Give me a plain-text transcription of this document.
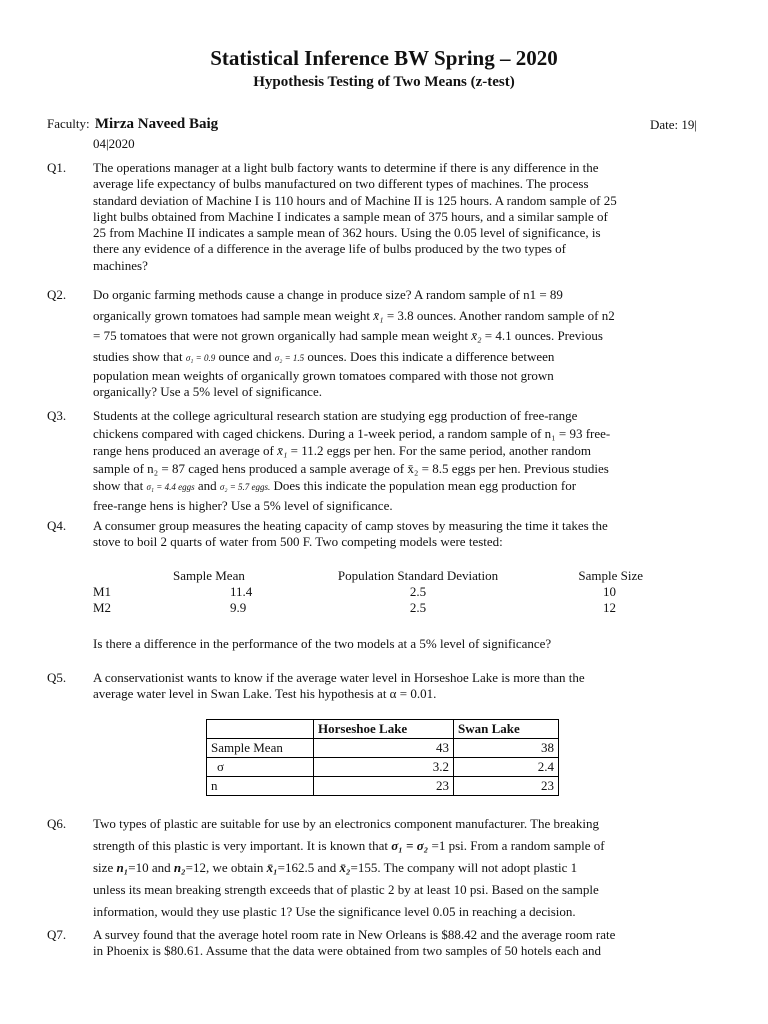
Statistical Inference BW Spring – 2020
Hypothesis Testing of Two Means (z-test)
Faculty: Mirza Naveed Baig	Date: 19|
04|2020
Q1. The operations manager at a light bulb factory wants to determine if there is any difference in the
average life expectancy of bulbs manufactured on two different types of machines. The process
standard deviation of Machine I is 110 hours and of Machine II is 125 hours. A random sample of 25
light bulbs obtained from Machine I indicates a sample mean of 375 hours, and a similar sample of
25 from Machine II indicates a sample mean of 362 hours. Using the 0.05 level of significance, is
there any evidence of a difference in the average life of bulbs produced by the two types of
machines?
Q2. Do organic farming methods cause a change in produce size? A random sample of n1 = 89
organically grown tomatoes had sample mean weight x̄₁ = 3.8 ounces. Another random sample of n2
= 75 tomatoes that were not grown organically had sample mean weight x̄₂ = 4.1 ounces. Previous
studies show that σ₁ = 0.9 ounce and σ₂ = 1.5 ounces. Does this indicate a difference between
population mean weights of organically grown tomatoes compared with those not grown
organically? Use a 5% level of significance.
Q3. Students at the college agricultural research station are studying egg production of free-range
chickens compared with caged chickens. During a 1-week period, a random sample of n₁ = 93 free-
range hens produced an average of x̄₁ = 11.2 eggs per hen. For the same period, another random
sample of n₂ = 87 caged hens produced a sample average of x̄₂ = 8.5 eggs per hen. Previous studies
show that σ₁ = 4.4 eggs and σ₂ = 5.7 eggs. Does this indicate the population mean egg production for
free-range hens is higher? Use a 5% level of significance.
Q4. A consumer group measures the heating capacity of camp stoves by measuring the time it takes the
stove to boil 2 quarts of water from 500 F. Two competing models were tested:
	Sample Mean	Population Standard Deviation	Sample Size
M1	11.4	2.5	10
M2	9.9	2.5	12
Is there a difference in the performance of the two models at a 5% level of significance?
Q5. A conservationist wants to know if the average water level in Horseshoe Lake is more than the
average water level in Swan Lake. Test his hypothesis at α = 0.01.
	Horseshoe Lake	Swan Lake
Sample Mean	43	38
σ	3.2	2.4
n	23	23
Q6. Two types of plastic are suitable for use by an electronics component manufacturer. The breaking
strength of this plastic is very important. It is known that σ₁ = σ₂ =1 psi. From a random sample of
size n₁=10 and n₂=12, we obtain x̄₁=162.5 and x̄₂=155. The company will not adopt plastic 1
unless its mean breaking strength exceeds that of plastic 2 by at least 10 psi. Based on the sample
information, would they use plastic 1? Use the significance level 0.05 in reaching a decision.
Q7. A survey found that the average hotel room rate in New Orleans is $88.42 and the average room rate
in Phoenix is $80.61. Assume that the data were obtained from two samples of 50 hotels each and
